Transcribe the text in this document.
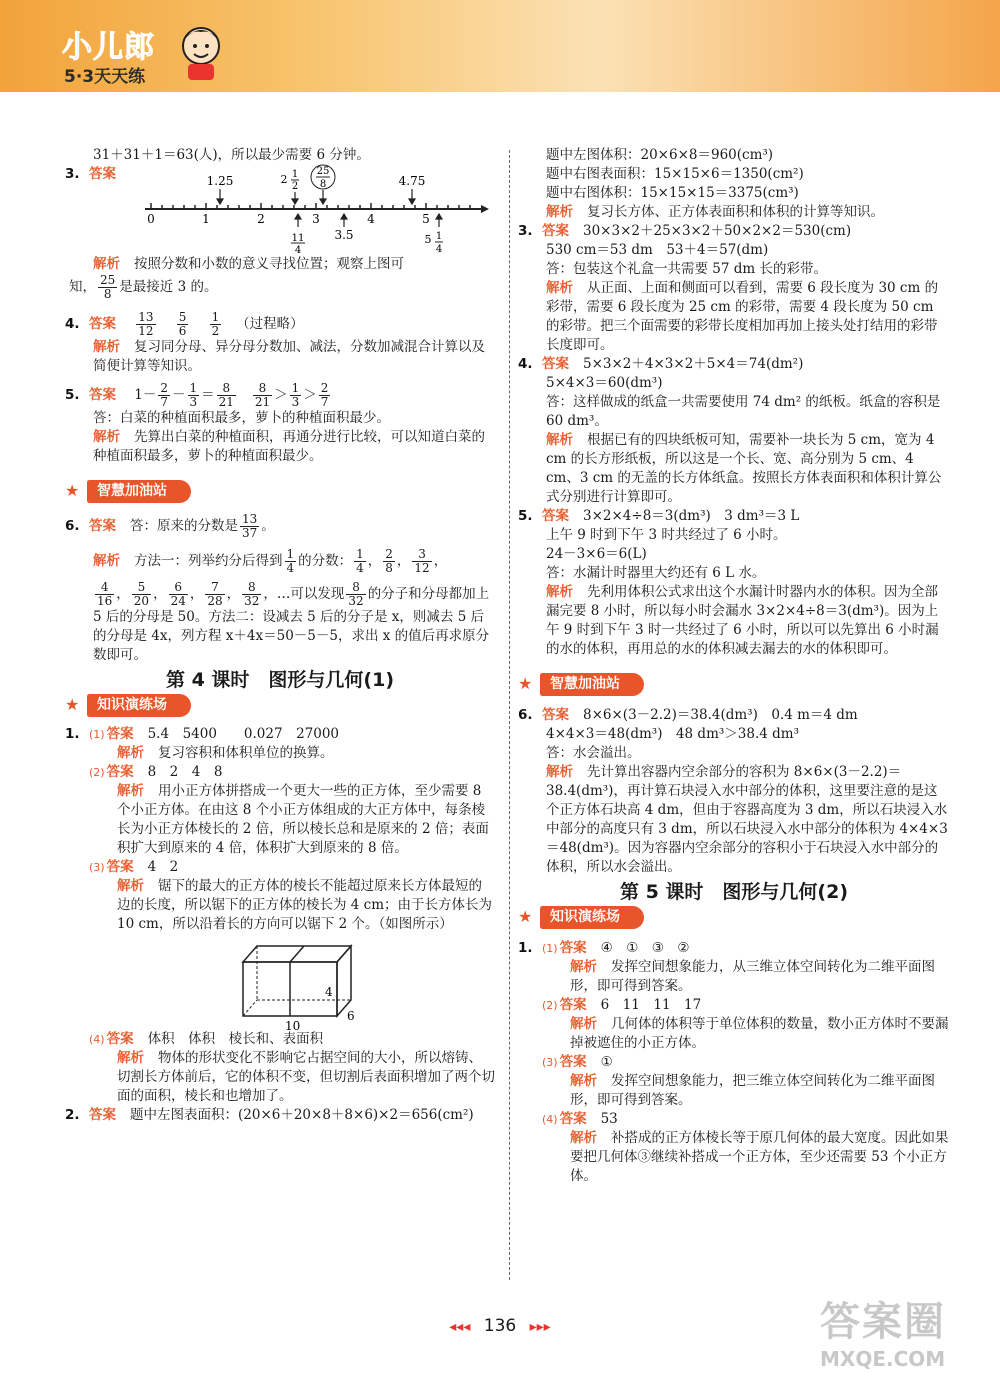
小儿郎
5·3天天练
31＋31＋1＝63(人)，所以最少需要 6 分钟。
3. 答案
0	1	2	3	4	5
1.25	4.75
3.5
2 1
2
25
8
11
4
5 1
4
解析 按照分数和小数的意义寻找位置；观察上图可
知， $\frac{25}{8}$ 是最接近 3 的。
4. 答案 $\frac{13}{12}$
$\frac{5}{6}$
$\frac{1}{2}$ （过程略）
解析 复习同分母、异分母分数加、减法，分数加减混合计算以及简便计算等知识。
5. 答案 $1- \frac{2}{7} - \frac{1}{3} = \frac{8}{21}$
$\frac{8}{21} > \frac{1}{3} > \frac{2}{7}$
答：白菜的种植面积最多，萝卜的种植面积最少。
解析 先算出白菜的种植面积，再通分进行比较，可以知道白菜的种植面积最多，萝卜的种植面积最少。
★ 智慧加油站
6. 答案 答：原来的分数是 $\frac{13}{37}$ 。
解析 方法一：列举约分后得到 $\frac{1}{4}$ 的分数： $\frac{1}{4}$ ， $\frac{2}{8}$ ， $\frac{3}{12}$ ，
$\frac{4}{16}$ ， $\frac{5}{20}$ ， $\frac{6}{24}$ ， $\frac{7}{28}$ ， $\frac{8}{32}$ ，…可以发现 $\frac{8}{32}$ 的分子和分母都加上
5 后的分母是 50。方法二：设减去 5 后的分子是 x，则减去 5 后的分母是 4x，列方程 x＋4x＝50－5－5，求出 x 的值后再求原分数即可。
第 4 课时　图形与几何(1)
★ 知识演练场
1. (1) 答案 5.4　5400　　0.027　27000
解析 复习容积和体积单位的换算。
(2) 答案 8　2　4　8
解析 用小正方体拼搭成一个更大一些的正方体，至少需要 8 个小正方体。在由这 8 个小正方体组成的大正方体中，每条棱长为小正方体棱长的 2 倍，所以棱长总和是原来的 2 倍；表面积扩大到原来的 4 倍，体积扩大到原来的 8 倍。
(3) 答案 4　2
解析 锯下的最大的正方体的棱长不能超过原来长方体最短的边的长度，所以锯下的正方体的棱长为 4 cm；由于长方体长为 10 cm，所以沿着长的方向可以锯下 2 个。（如图所示）
10
4
6
(4) 答案 体积　体积　棱长和、表面积
解析 物体的形状变化不影响它占据空间的大小，所以熔铸、切割长方体前后，它的体积不变，但切割后表面积增加了两个切面的面积，棱长和也增加了。
2. 答案 题中左图表面积：(20×6＋20×8＋8×6)×2＝656(cm²)
题中左图体积：20×6×8＝960(cm³)
题中右图表面积：15×15×6＝1350(cm²)
题中右图体积：15×15×15＝3375(cm³)
解析 复习长方体、正方体表面积和体积的计算等知识。
3. 答案 30×3×2＋25×3×2＋50×2×2＝530(cm)
530 cm＝53 dm　53＋4＝57(dm)
答：包装这个礼盒一共需要 57 dm 长的彩带。
解析 从正面、上面和侧面可以看到，需要 6 段长度为 30 cm 的彩带，需要 6 段长度为 25 cm 的彩带，需要 4 段长度为 50 cm 的彩带。把三个面需要的彩带长度相加再加上接头处打结用的彩带长度即可。
4. 答案 5×3×2＋4×3×2＋5×4＝74(dm²)
5×4×3＝60(dm³)
答：这样做成的纸盒一共需要使用 74 dm² 的纸板。纸盒的容积是 60 dm³。
解析 根据已有的四块纸板可知，需要补一块长为 5 cm，宽为 4 cm 的长方形纸板，所以这是一个长、宽、高分别为 5 cm、4 cm、3 cm 的无盖的长方体纸盒。按照长方体表面积和体积计算公式分别进行计算即可。
5. 答案 3×2×4÷8＝3(dm³)　3 dm³＝3 L
上午 9 时到下午 3 时共经过了 6 小时。
24－3×6＝6(L)
答：水漏计时器里大约还有 6 L 水。
解析 先利用体积公式求出这个水漏计时器内水的体积。因为全部漏完要 8 小时，所以每小时会漏水 3×2×4÷8＝3(dm³)。因为上午 9 时到下午 3 时一共经过了 6 小时，所以可以先算出 6 小时漏的水的体积，再用总的水的体积减去漏去的水的体积即可。
★ 智慧加油站
6. 答案 8×6×(3－2.2)＝38.4(dm³)　0.4 m＝4 dm
4×4×3＝48(dm³)　48 dm³＞38.4 dm³
答：水会溢出。
解析 先计算出容器内空余部分的容积为 8×6×(3－2.2)＝38.4(dm³)，再计算石块浸入水中部分的体积，这里要注意的是这个正方体石块高 4 dm，但由于容器高度为 3 dm，所以石块浸入水中部分的高度只有 3 dm，所以石块浸入水中部分的体积为 4×4×3＝48(dm³)。因为容器内空余部分的容积小于石块浸入水中部分的体积，所以水会溢出。
第 5 课时　图形与几何(2)
★ 知识演练场
1. (1) 答案 ④　①　③　②
解析 发挥空间想象能力，从三维立体空间转化为二维平面图形，即可得到答案。
(2) 答案 6　11　11　17
解析 几何体的体积等于单位体积的数量，数小正方体时不要漏掉被遮住的小正方体。
(3) 答案 ①
解析 发挥空间想象能力，把三维立体空间转化为二维平面图形，即可得到答案。
(4) 答案 53
解析 补搭成的正方体棱长等于原几何体的最大宽度。因此如果要把几何体③继续补搭成一个正方体，至少还需要 53 个小正方体。
◂◂◂ 136 ▸▸▸	答案圈
MXQE.COM
